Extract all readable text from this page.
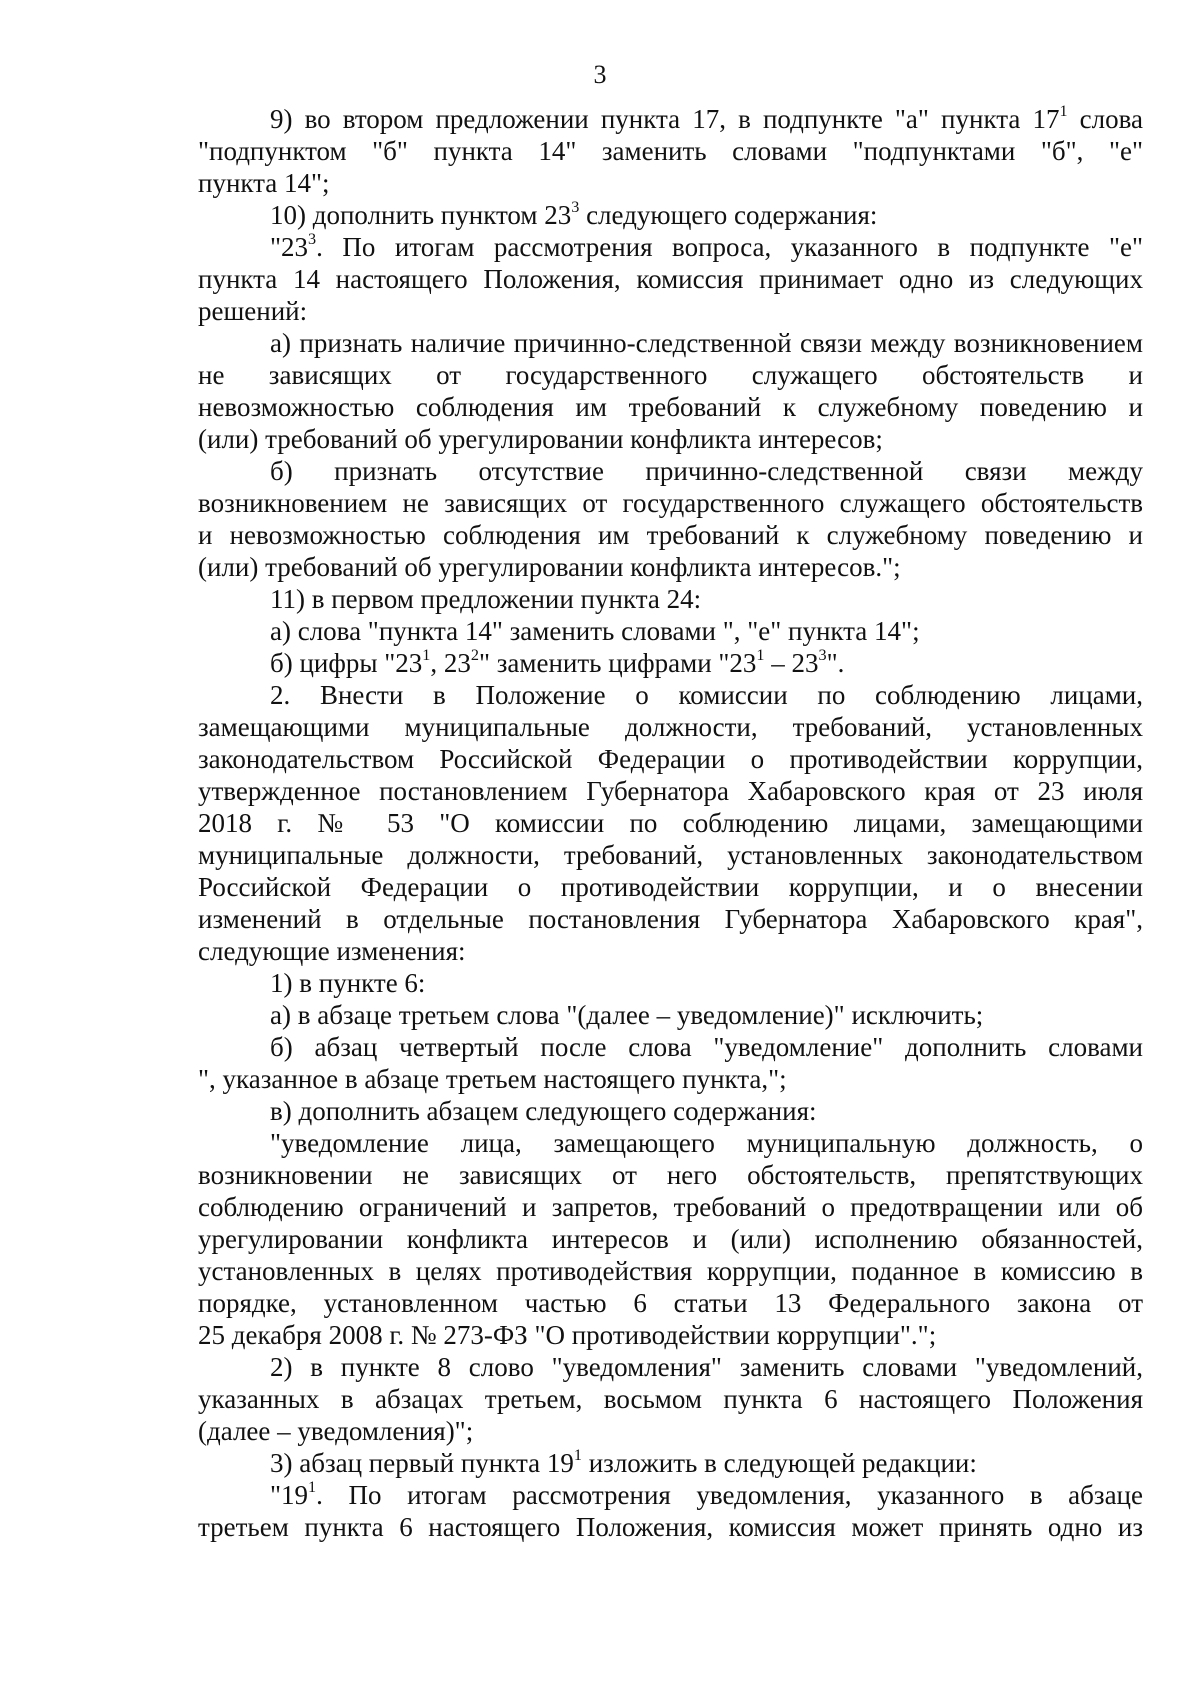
3
9) во втором предложении пункта 17, в подпункте "а" пункта $17^1$ слова
"подпунктом "б" пункта 14" заменить словами "подпунктами "б", "е"
пункта 14";
10) дополнить пунктом $23^3$ следующего содержания:
"$23^3$. По итогам рассмотрения вопроса, указанного в подпункте "е"
пункта 14 настоящего Положения, комиссия принимает одно из следующих
решений:
а) признать наличие причинно-следственной связи между возникновением
не зависящих от государственного служащего обстоятельств и
невозможностью соблюдения им требований к служебному поведению и
(или) требований об урегулировании конфликта интересов;
б) признать отсутствие причинно-следственной связи между
возникновением не зависящих от государственного служащего обстоятельств
и невозможностью соблюдения им требований к служебному поведению и
(или) требований об урегулировании конфликта интересов.";
11) в первом предложении пункта 24:
а) слова "пункта 14" заменить словами ", "е" пункта 14";
б) цифры "$23^1$, $23^2$" заменить цифрами "$23^1 - 23^3$".
2. Внести в Положение о комиссии по соблюдению лицами,
замещающими муниципальные должности, требований, установленных
законодательством Российской Федерации о противодействии коррупции,
утвержденное постановлением Губернатора Хабаровского края от 23 июля
2018 г. № 53 "О комиссии по соблюдению лицами, замещающими
муниципальные должности, требований, установленных законодательством
Российской Федерации о противодействии коррупции, и о внесении
изменений в отдельные постановления Губернатора Хабаровского края",
следующие изменения:
1) в пункте 6:
а) в абзаце третьем слова "(далее – уведомление)" исключить;
б) абзац четвертый после слова "уведомление" дополнить словами
", указанное в абзаце третьем настоящего пункта,";
в) дополнить абзацем следующего содержания:
"уведомление лица, замещающего муниципальную должность, о
возникновении не зависящих от него обстоятельств, препятствующих
соблюдению ограничений и запретов, требований о предотвращении или об
урегулировании конфликта интересов и (или) исполнению обязанностей,
установленных в целях противодействия коррупции, поданное в комиссию в
порядке, установленном частью 6 статьи 13 Федерального закона от
25 декабря 2008 г. № 273-ФЗ "О противодействии коррупции".";
2) в пункте 8 слово "уведомления" заменить словами "уведомлений,
указанных в абзацах третьем, восьмом пункта 6 настоящего Положения
(далее – уведомления)";
3) абзац первый пункта $19^1$ изложить в следующей редакции:
"$19^1$. По итогам рассмотрения уведомления, указанного в абзаце
третьем пункта 6 настоящего Положения, комиссия может принять одно из
